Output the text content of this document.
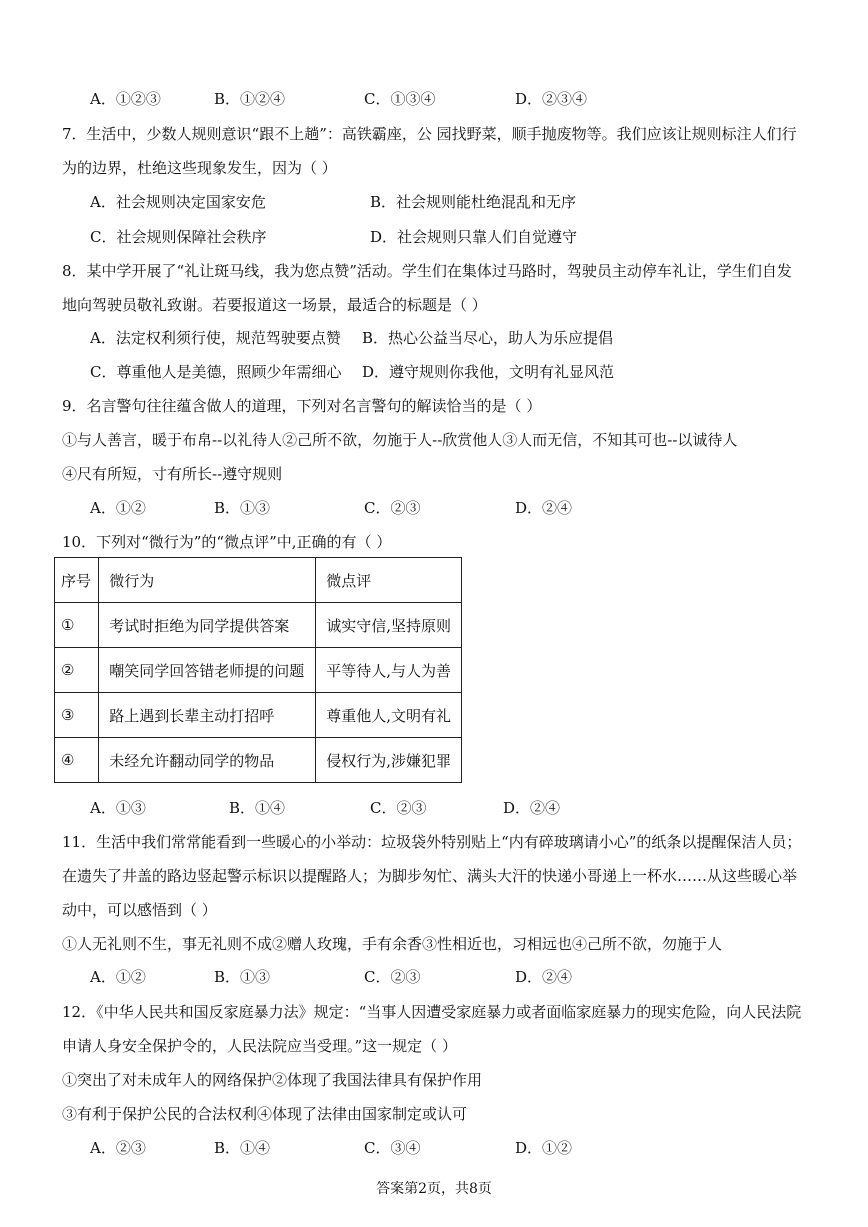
A．①②③	B．①②④	C．①③④	D．②③④
7．生活中，少数人规则意识“跟不上趟”：高铁霸座，公 园找野菜，顺手抛废物等。我们应该让规则标注人们行
为的边界，杜绝这些现象发生，因为（ ）
A．社会规则决定国家安危	B．社会规则能杜绝混乱和无序
C．社会规则保障社会秩序	D．社会规则只靠人们自觉遵守
8．某中学开展了“礼让斑马线，我为您点赞”活动。学生们在集体过马路时，驾驶员主动停车礼让，学生们自发
地向驾驶员敬礼致谢。若要报道这一场景，最适合的标题是（ ）
A．法定权利须行使，规范驾驶要点赞 B．热心公益当尽心，助人为乐应提倡
C．尊重他人是美德，照顾少年需细心 D．遵守规则你我他，文明有礼显风范
9．名言警句往往蕴含做人的道理，下列对名言警句的解读恰当的是（ ）
①与人善言，暖于布帛--以礼待人②己所不欲，勿施于人--欣赏他人③人而无信，不知其可也--以诚待人
④尺有所短，寸有所长--遵守规则
A．①②	B．①③	C．②③	D．②④
10．下列对“微行为”的“微点评”中,正确的有（ ）
序号	微行为	微点评
①	考试时拒绝为同学提供答案	诚实守信,坚持原则
②	嘲笑同学回答错老师提的问题	平等待人,与人为善
③	路上遇到长辈主动打招呼	尊重他人,文明有礼
④	未经允许翻动同学的物品	侵权行为,涉嫌犯罪
A．①③	B．①④	C．②③	D．②④
11．生活中我们常常能看到一些暖心的小举动：垃圾袋外特别贴上“内有碎玻璃请小心”的纸条以提醒保洁人员；
在遗失了井盖的路边竖起警示标识以提醒路人；为脚步匆忙、满头大汗的快递小哥递上一杯水……从这些暖心举
动中，可以感悟到（ ）
①人无礼则不生，事无礼则不成②赠人玫瑰，手有余香③性相近也，习相远也④己所不欲，勿施于人
A．①②	B．①③	C．②③	D．②④
12．《中华人民共和国反家庭暴力法》规定：“当事人因遭受家庭暴力或者面临家庭暴力的现实危险，向人民法院
申请人身安全保护令的，人民法院应当受理。”这一规定（ ）
①突出了对未成年人的网络保护②体现了我国法律具有保护作用
③有利于保护公民的合法权利④体现了法律由国家制定或认可
A．②③	B．①④	C．③④	D．①②
答案第2页，共8页
